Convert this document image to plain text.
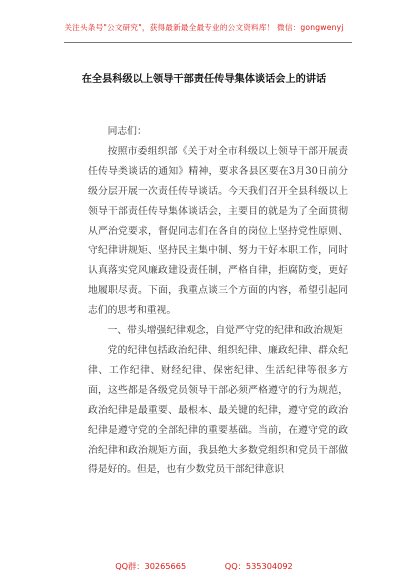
关注头条号"公文研究"，获得最新最全最专业的公文资料库！ 微信：gongwenyj
在全县科级以上领导干部责任传导集体谈话会上的讲话

同志们：

按照市委组织部《关于对全市科级以上领导干部开展责任传导类谈话的通知》精神，要求各县区要在3月30日前分级分层开展一次责任传导谈话。今天我们召开全县科级以上领导干部责任传导集体谈话会，主要目的就是为了全面贯彻从严治党要求，督促同志们在各自的岗位上坚持党性原则、守纪律讲规矩、坚持民主集中制、努力干好本职工作，同时认真落实党风廉政建设责任制，严格自律，拒腐防变，更好地履职尽责。下面，我重点谈三个方面的内容，希望引起同志们的思考和重视。

一、带头增强纪律观念，自觉严守党的纪律和政治规矩

党的纪律包括政治纪律、组织纪律、廉政纪律、群众纪律、工作纪律、财经纪律、保密纪律、生活纪律等很多方面，这些都是各级党员领导干部必须严格遵守的行为规范，政治纪律是最重要、最根本、最关键的纪律，遵守党的政治纪律是遵守党的全部纪律的重要基础。当前，在遵守党的政治纪律和政治规矩方面，我县绝大多数党组织和党员干部做得是好的。但是，也有少数党员干部纪律意识

QQ群：30265665	QQ：535304092
